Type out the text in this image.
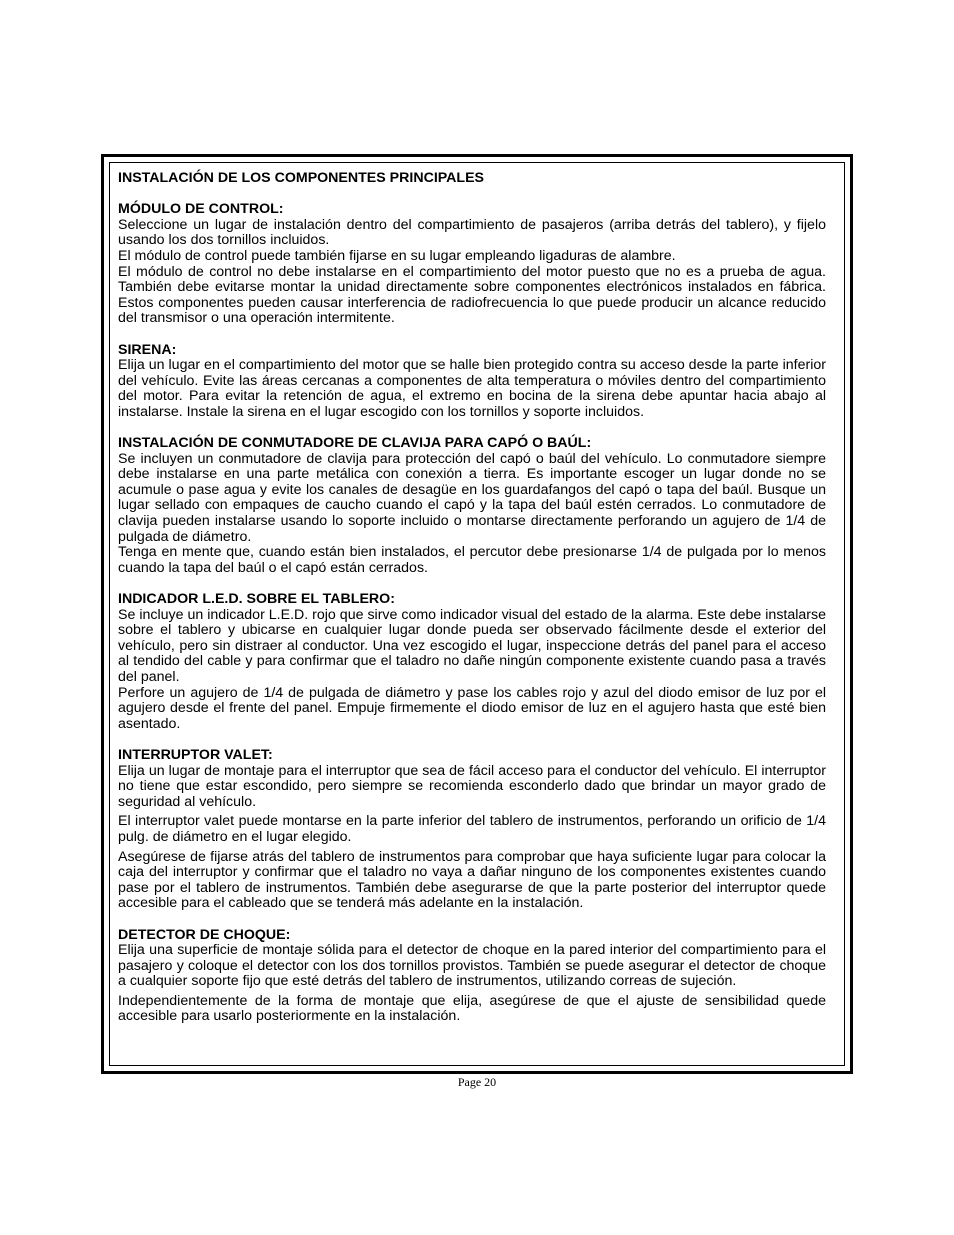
INSTALACIÓN DE LOS COMPONENTES PRINCIPALES
MÓDULO DE CONTROL:

Seleccione un lugar de instalación dentro del compartimiento de pasajeros (arriba detrás del tablero), y fijelo usando los dos tornillos incluidos.

El módulo de control puede también fijarse en su lugar empleando ligaduras de alambre.

El módulo de control no debe instalarse en el compartimiento del motor puesto que no es a prueba de agua. También debe evitarse montar la unidad directamente sobre componentes electrónicos instalados en fábrica. Estos componentes pueden causar interferencia de radiofrecuencia lo que puede producir un alcance reducido del transmisor o una operación intermitente.

SIRENA:

Elija un lugar en el compartimiento del motor que se halle bien protegido contra su acceso desde la parte inferior del vehículo. Evite las áreas cercanas a componentes de alta temperatura o móviles dentro del compartimiento del motor. Para evitar la retención de agua, el extremo en bocina de la sirena debe apuntar hacia abajo al instalarse. Instale la sirena en el lugar escogido con los tornillos y soporte incluidos.

INSTALACIÓN DE CONMUTADORE DE CLAVIJA PARA CAPÓ O BAÚL:

Se incluyen un conmutadore de clavija para protección del capó o baúl del vehículo. Lo conmutadore siempre debe instalarse en una parte metálica con conexión a tierra. Es importante escoger un lugar donde no se acumule o pase agua y evite los canales de desagüe en los guardafangos del capó o tapa del baúl. Busque un lugar sellado con empaques de caucho cuando el capó y la tapa del baúl estén cerrados. Lo conmutadore de clavija pueden instalarse usando lo soporte incluido o montarse directamente perforando un agujero de 1/4 de pulgada de diámetro.

Tenga en mente que, cuando están bien instalados, el percutor debe presionarse 1/4 de pulgada por lo menos cuando la tapa del baúl o el capó están cerrados.

INDICADOR L.E.D. SOBRE EL TABLERO:

Se incluye un indicador L.E.D. rojo que sirve como indicador visual del estado de la alarma. Este debe instalarse sobre el tablero y ubicarse en cualquier lugar donde pueda ser observado fácilmente desde el exterior del vehículo, pero sin distraer al conductor. Una vez escogido el lugar, inspeccione detrás del panel para el acceso al tendido del cable y para confirmar que el taladro no dañe ningún componente existente cuando pasa a través del panel.

Perfore un agujero de 1/4 de pulgada de diámetro y pase los cables rojo y azul del diodo emisor de luz por el agujero desde el frente del panel. Empuje firmemente el diodo emisor de luz en el agujero hasta que esté bien asentado.

INTERRUPTOR VALET:

Elija un lugar de montaje para el interruptor que sea de fácil acceso para el conductor del vehículo. El interruptor no tiene que estar escondido, pero siempre se recomienda esconderlo dado que brindar un mayor grado de seguridad al vehículo.

El interruptor valet puede montarse en la parte inferior del tablero de instrumentos, perforando un orificio de 1/4 pulg. de diámetro en el lugar elegido.

Asegúrese de fijarse atrás del tablero de instrumentos para comprobar que haya suficiente lugar para colocar la caja del interruptor y confirmar que el taladro no vaya a dañar ninguno de los componentes existentes cuando pase por el tablero de instrumentos. También debe asegurarse de que la parte posterior del interruptor quede accesible para el cableado que se tenderá más adelante en la instalación.

DETECTOR DE CHOQUE:

Elija una superficie de montaje sólida para el detector de choque en la pared interior del compartimiento para el pasajero y coloque el detector con los dos tornillos provistos. También se puede asegurar el detector de choque a cualquier soporte fijo que esté detrás del tablero de instrumentos, utilizando correas de sujeción.

Independientemente de la forma de montaje que elija, asegúrese de que el ajuste de sensibilidad quede accesible para usarlo posteriormente en la instalación.

Page 20
